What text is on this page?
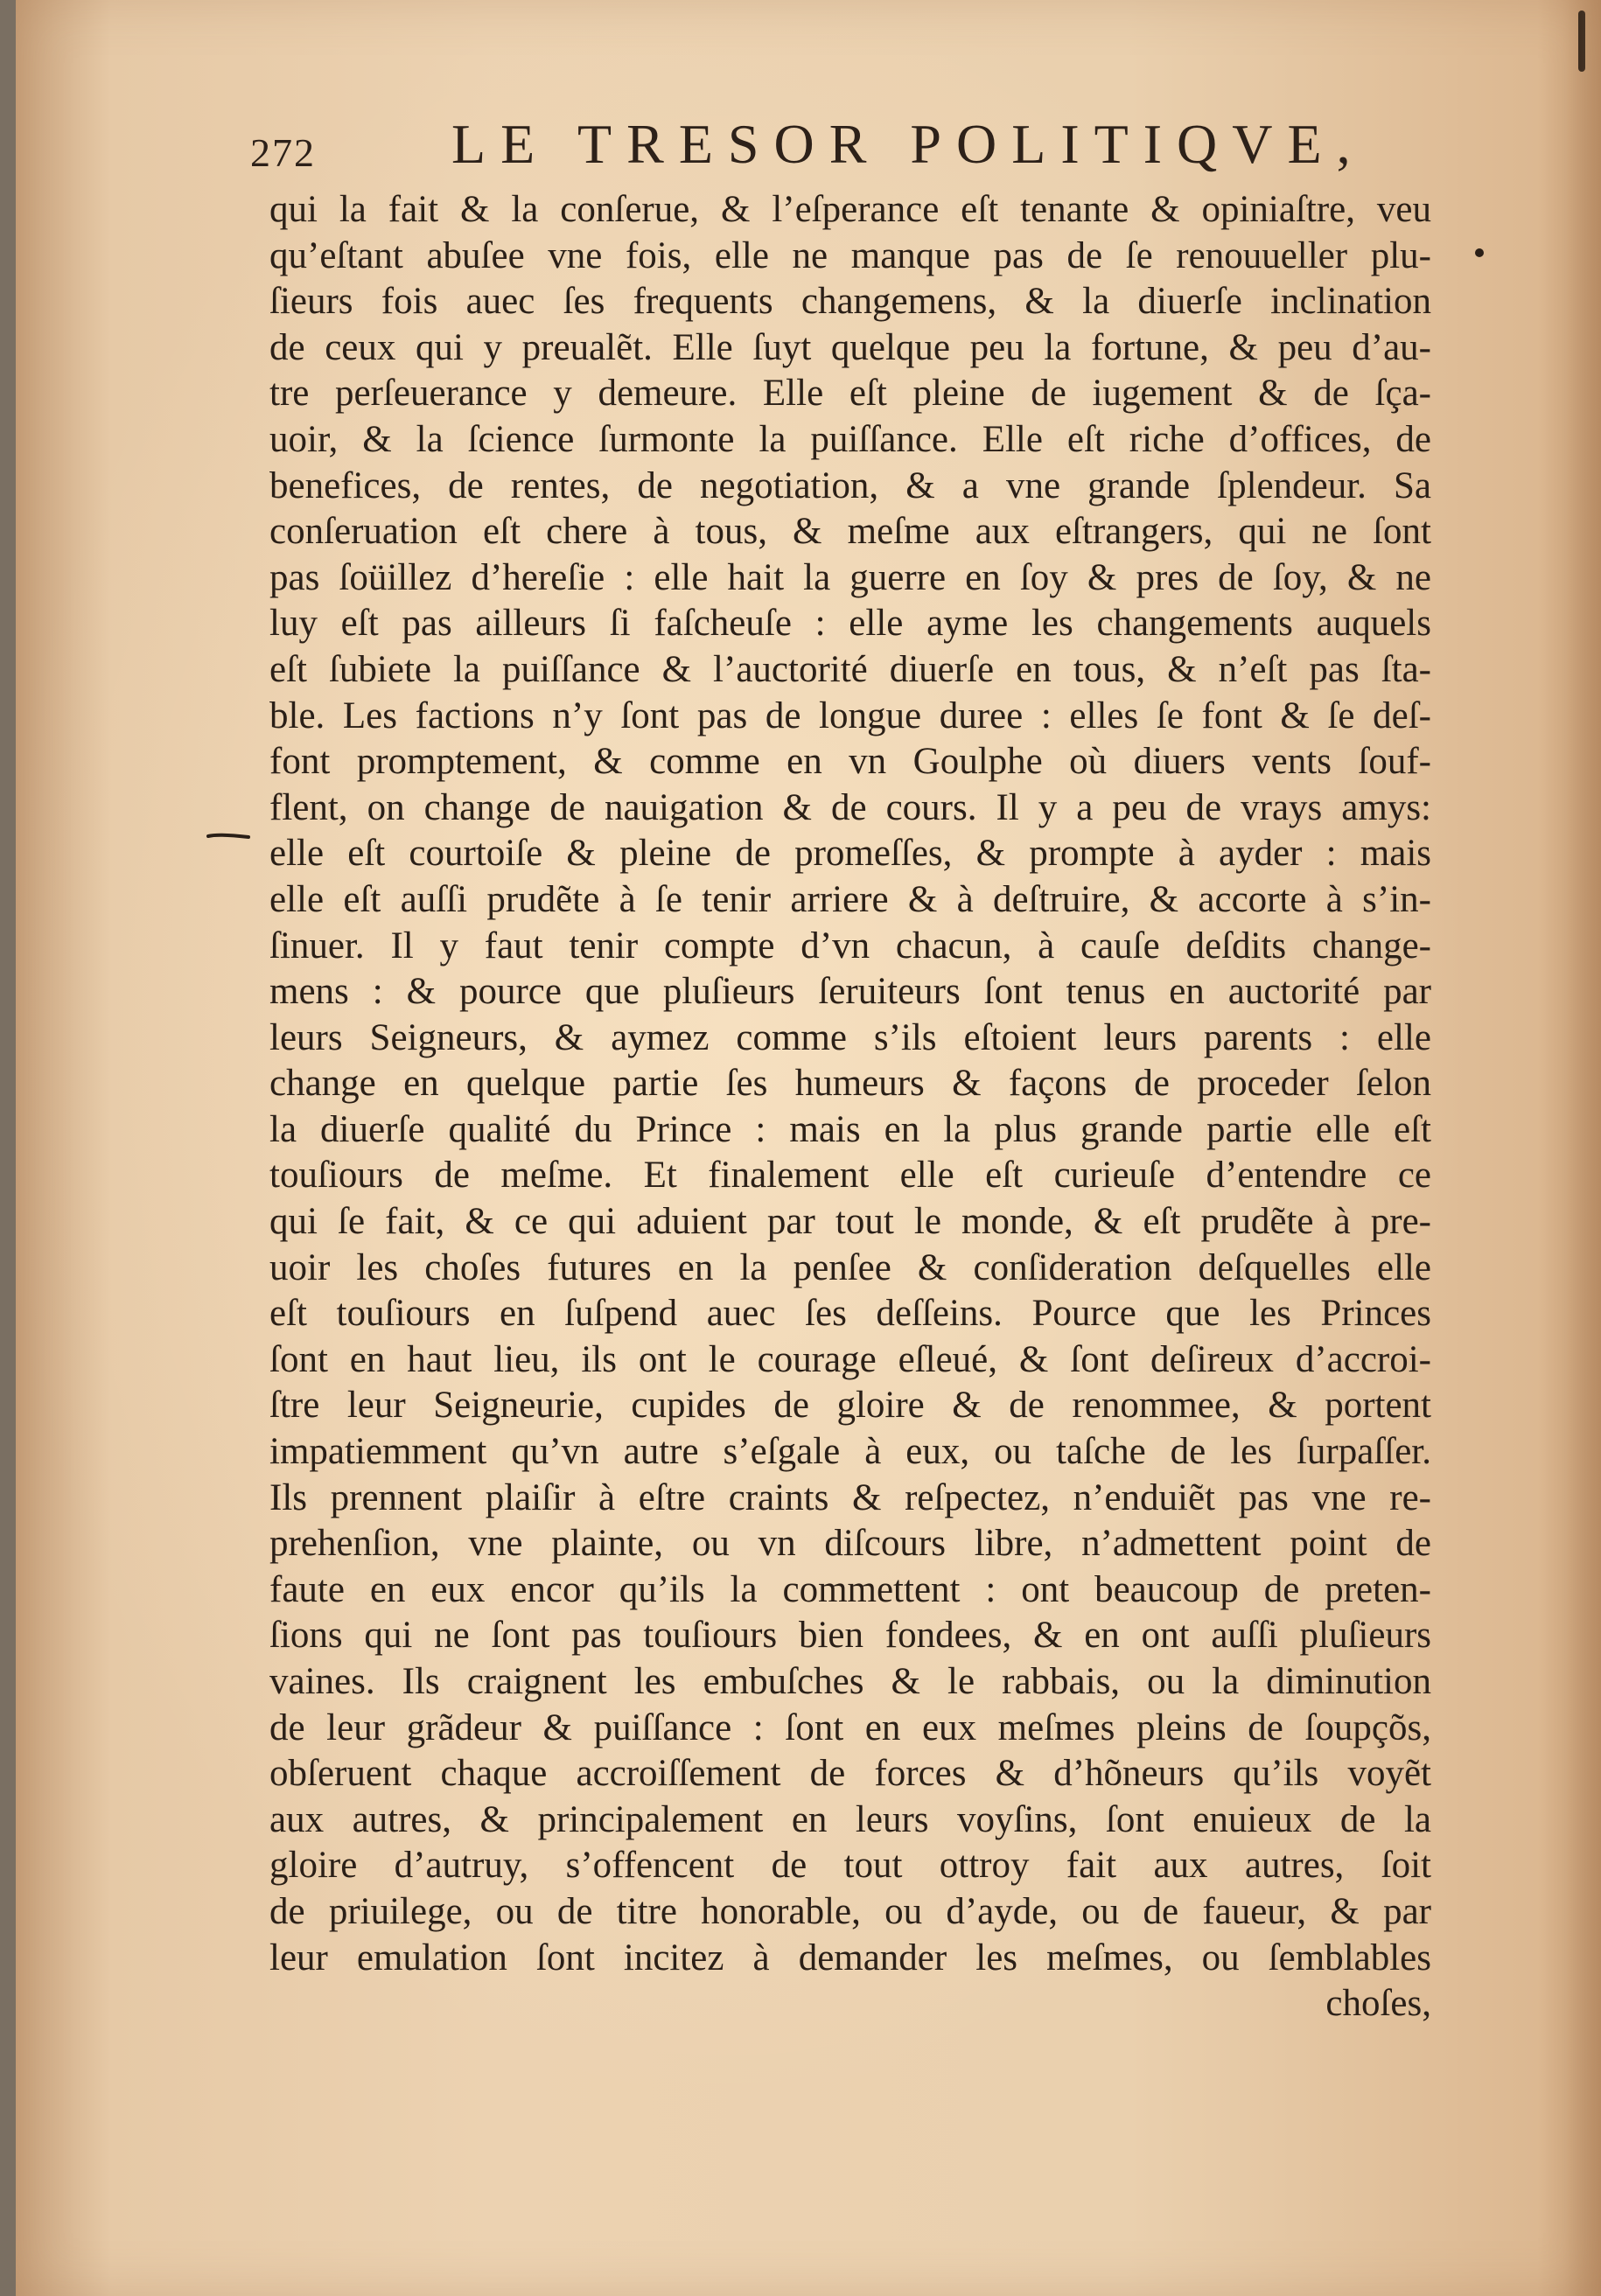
272 LE TRESOR POLITIQVE,
qui la fait & la conſerue, & l’eſperance eſt tenante & opiniaſtre, veu
qu’eſtant abuſee vne fois, elle ne manque pas de ſe renouueller plu-
ſieurs fois auec ſes frequents changemens, & la diuerſe inclination
de ceux qui y preualẽt. Elle ſuyt quelque peu la fortune, & peu d’au-
tre perſeuerance y demeure. Elle eſt pleine de iugement & de ſça-
uoir, & la ſcience ſurmonte la puiſſance. Elle eſt riche d’offices, de
benefices, de rentes, de negotiation, & a vne grande ſplendeur. Sa
conſeruation eſt chere à tous, & meſme aux eſtrangers, qui ne ſont
pas ſoüillez d’hereſie : elle hait la guerre en ſoy & pres de ſoy, & ne
luy eſt pas ailleurs ſi faſcheuſe : elle ayme les changements auquels
eſt ſubiete la puiſſance & l’auctorité diuerſe en tous, & n’eſt pas ſta-
ble. Les factions n’y ſont pas de longue duree : elles ſe font & ſe deſ-
font promptement, & comme en vn Goulphe où diuers vents ſouf-
flent, on change de nauigation & de cours. Il y a peu de vrays amys:
elle eſt courtoiſe & pleine de promeſſes, & prompte à ayder : mais
elle eſt auſſi prudẽte à ſe tenir arriere & à deſtruire, & accorte à s’in-
ſinuer. Il y faut tenir compte d’vn chacun, à cauſe deſdits change-
mens : & pource que pluſieurs ſeruiteurs ſont tenus en auctorité par
leurs Seigneurs, & aymez comme s’ils eſtoient leurs parents : elle
change en quelque partie ſes humeurs & façons de proceder ſelon
la diuerſe qualité du Prince : mais en la plus grande partie elle eſt
touſiours de meſme. Et finalement elle eſt curieuſe d’entendre ce
qui ſe fait, & ce qui aduient par tout le monde, & eſt prudẽte à pre-
uoir les choſes futures en la penſee & conſideration deſquelles elle
eſt touſiours en ſuſpend auec ſes deſſeins. Pource que les Princes
ſont en haut lieu, ils ont le courage eſleué, & ſont deſireux d’accroi-
ſtre leur Seigneurie, cupides de gloire & de renommee, & portent
impatiemment qu’vn autre s’eſgale à eux, ou taſche de les ſurpaſſer.
Ils prennent plaiſir à eſtre craints & reſpectez, n’enduiẽt pas vne re-
prehenſion, vne plainte, ou vn diſcours libre, n’admettent point de
faute en eux encor qu’ils la commettent : ont beaucoup de preten-
ſions qui ne ſont pas touſiours bien fondees, & en ont auſſi pluſieurs
vaines. Ils craignent les embuſches & le rabbais, ou la diminution
de leur grãdeur & puiſſance : ſont en eux meſmes pleins de ſoupçõs,
obſeruent chaque accroiſſement de forces & d’hõneurs qu’ils voyẽt
aux autres, & principalement en leurs voyſins, ſont enuieux de la
gloire d’autruy, s’offencent de tout ottroy fait aux autres, ſoit
de priuilege, ou de titre honorable, ou d’ayde, ou de faueur, & par
leur emulation ſont incitez à demander les meſmes, ou ſemblables
choſes,
